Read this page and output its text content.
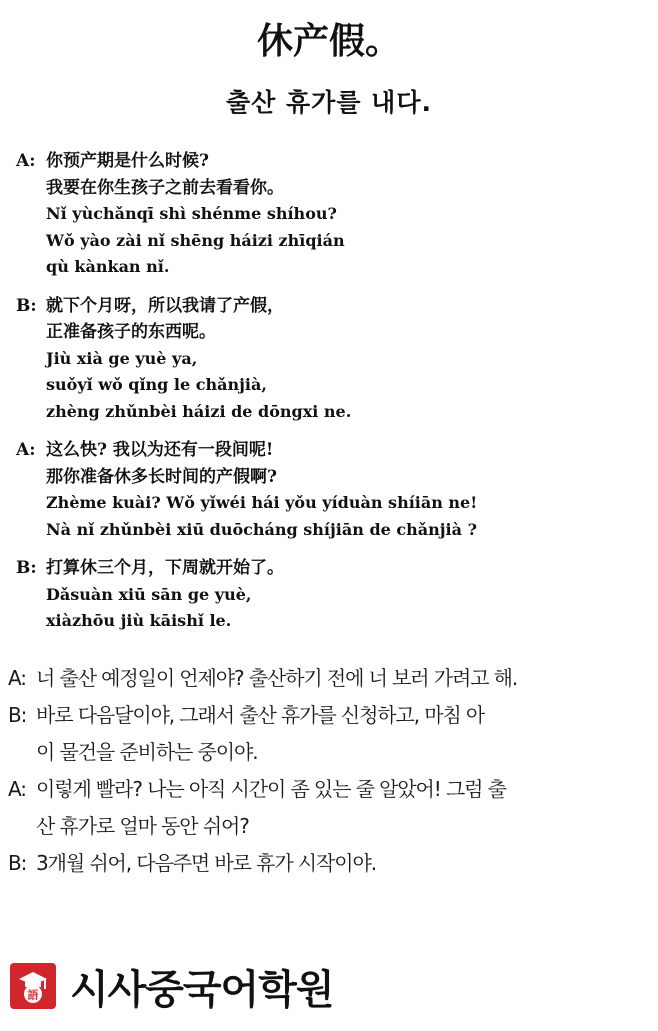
休产假。
출산 휴가를 내다.
A: 你预产期是什么时候?
我要在你生孩子之前去看看你。
Nǐ yùchǎnqī shì shénme shíhou?
Wǒ yào zài nǐ shēng háizi zhīqián
qù kànkan nǐ.
B: 就下个月呀，所以我请了产假，
正准备孩子的东西呢。
Jiù xià ge yuè ya,
suǒyǐ wǒ qǐng le chǎnjià,
zhèng zhǔnbèi háizi de dōngxi ne.
A: 这么快? 我以为还有一段间呢!
那你准备休多长时间的产假啊?
Zhème kuài? Wǒ yǐwéi hái yǒu yíduàn shíiān ne!
Nà nǐ zhǔnbèi xiū duōcháng shíjiān de chǎnjià ?
B: 打算休三个月，下周就开始了。
Dǎsuàn xiū sān ge yuè,
xiàzhōu jiù kāishǐ le.
A: 너 출산 예정일이 언제야? 출산하기 전에 너 보러 가려고 해.
B: 바로 다음달이야, 그래서 출산 휴가를 신청하고, 마침 아
이 물건을 준비하는 중이야.
A: 이렇게 빨라? 나는 아직 시간이 좀 있는 줄 알았어! 그럼 출
산 휴가로 얼마 동안 쉬어?
B: 3개월 쉬어, 다음주면 바로 휴가 시작이야.
語 시사중국어학원
